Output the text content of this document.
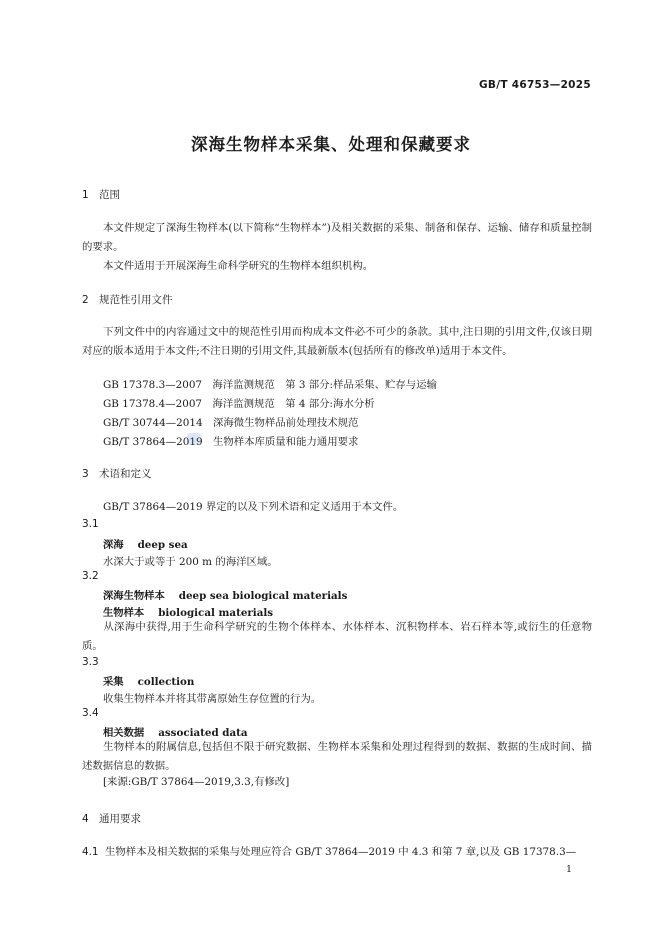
GB/T 46753—2025
深海生物样本采集、处理和保藏要求
1 范围
本文件规定了深海生物样本(以下简称“生物样本”)及相关数据的采集、制备和保存、运输、储存和质量控制的要求。
本文件适用于开展深海生命科学研究的生物样本组织机构。
2 规范性引用文件
下列文件中的内容通过文中的规范性引用而构成本文件必不可少的条款。其中,注日期的引用文件,仅该日期对应的版本适用于本文件;不注日期的引用文件,其最新版本(包括所有的修改单)适用于本文件。
GB 17378.3—2007　海洋监测规范　第 3 部分:样品采集、贮存与运输
GB 17378.4—2007　海洋监测规范　第 4 部分:海水分析
GB/T 30744—2014　深海微生物样品前处理技术规范
GB/T 37864—2019　生物样本库质量和能力通用要求
3 术语和定义
GB/T 37864—2019 界定的以及下列术语和定义适用于本文件。
3.1
深海 deep sea
水深大于或等于 200 m 的海洋区域。
3.2
深海生物样本 deep sea biological materials
生物样本 biological materials
从深海中获得,用于生命科学研究的生物个体样本、水体样本、沉积物样本、岩石样本等,或衍生的任意物质。
3.3
采集 collection
收集生物样本并将其带离原始生存位置的行为。
3.4
相关数据 associated data
生物样本的附属信息,包括但不限于研究数据、生物样本采集和处理过程得到的数据、数据的生成时间、描述数据信息的数据。
[来源:GB/T 37864—2019,3.3,有修改]
4 通用要求
4.1 生物样本及相关数据的采集与处理应符合 GB/T 37864—2019 中 4.3 和第 7 章,以及 GB 17378.3—
1
